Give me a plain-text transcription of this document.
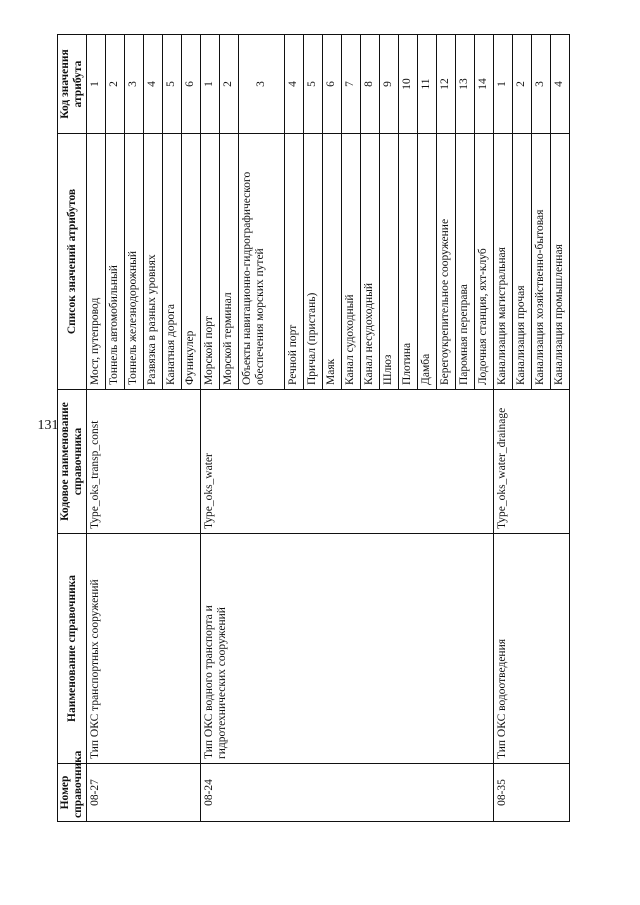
131
Номер справочника	Наименование справочника	Кодовое наименование справочника	Список значений атрибутов	Код значения атрибута
08-27	Тип ОКС транспортных сооружений	Type_oks_transp_const	Мост, путепровод	1
			Тоннель автомобильный	2
			Тоннель железнодорожный	3
			Развязка в разных уровнях	4
			Канатная дорога	5
			Фуникулер	6
08-24	Тип ОКС водного транспорта и гидротехнических сооружений	Type_oks_water	Морской порт	1
			Морской терминал	2
			Объекты навигационно-гидрографического обеспечения морских путей	3
			Речной порт	4
			Причал (пристань)	5
			Маяк	6
			Канал судоходный	7
			Канал несудоходный	8
			Шлюз	9
			Плотина	10
			Дамба	11
			Берегоукрепительное сооружение	12
			Паромная переправа	13
			Лодочная станция, яхт-клуб	14
08-35	Тип ОКС водоотведения	Type_oks_water_drainage	Канализация магистральная	1
			Канализация прочая	2
			Канализация хозяйственно-бытовая	3
			Канализация промышленная	4
